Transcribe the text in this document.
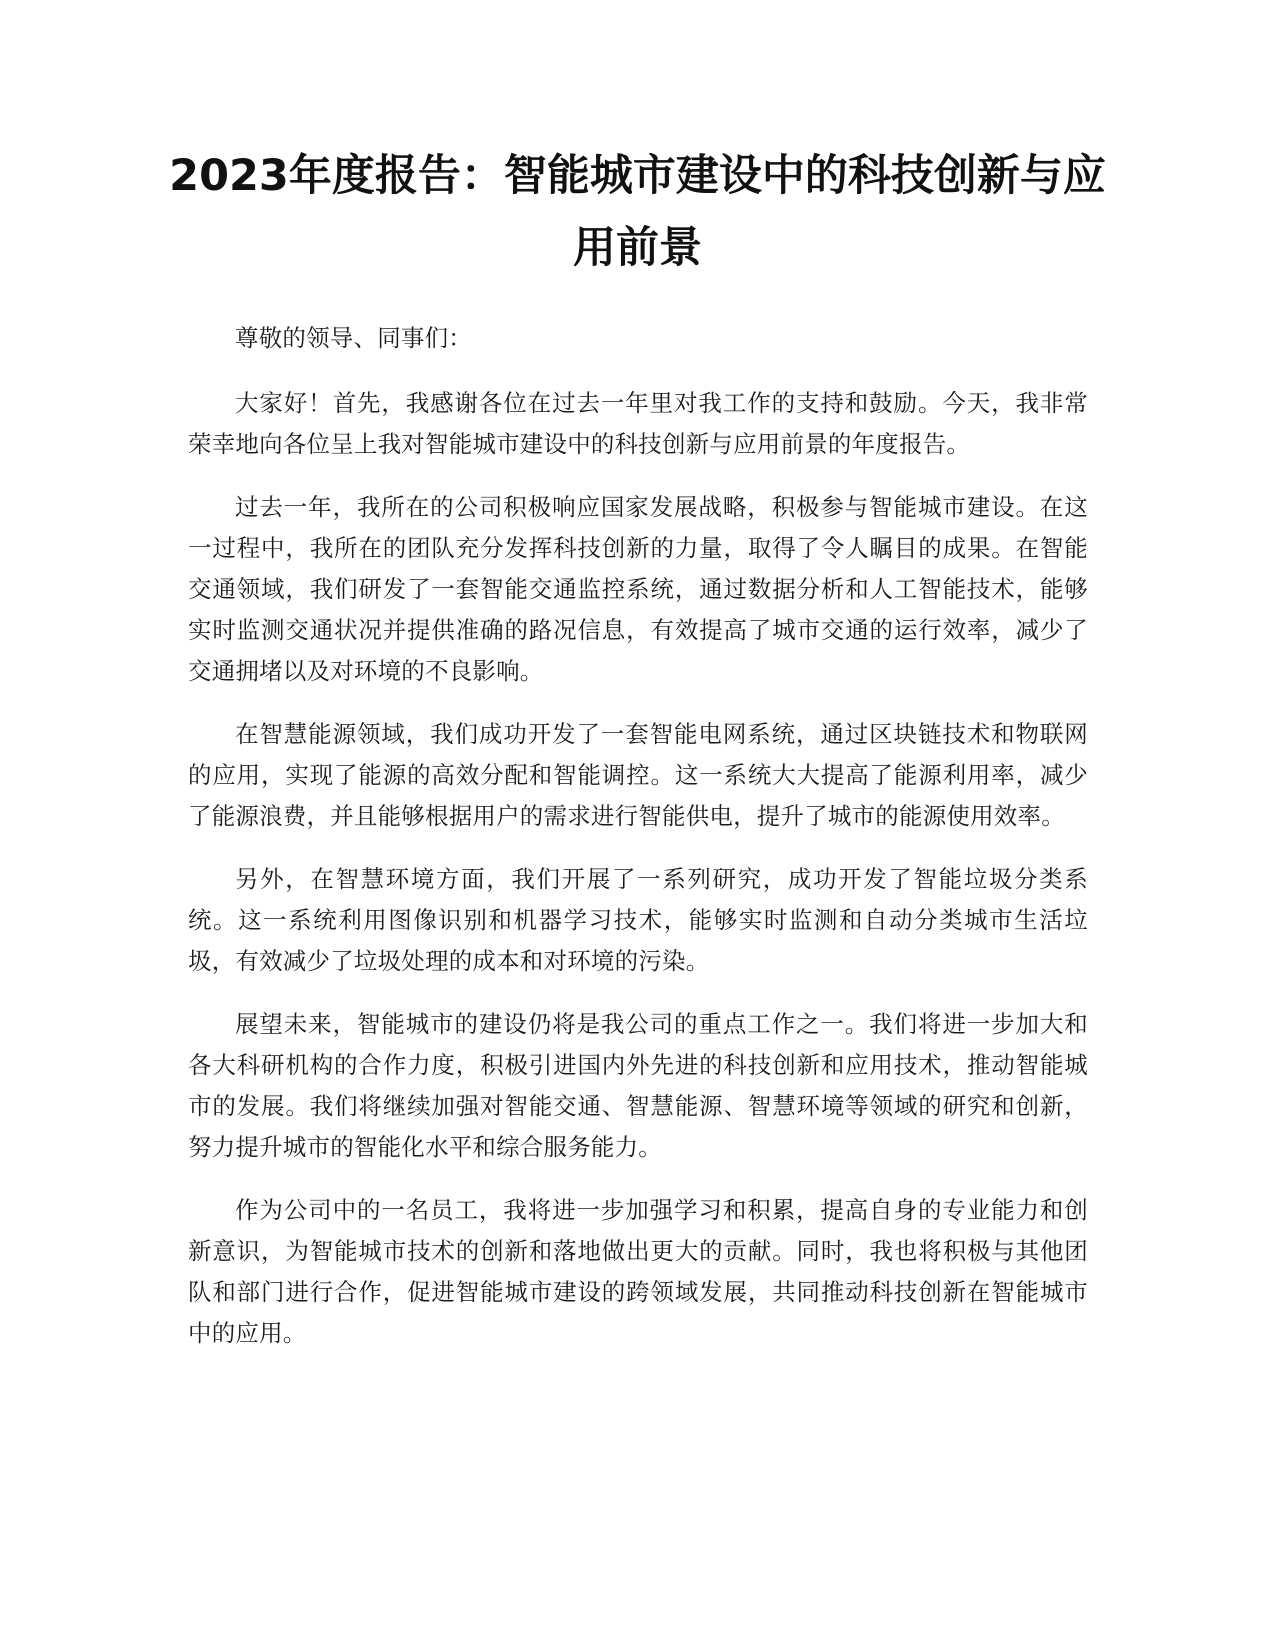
2023年度报告：智能城市建设中的科技创新与应用前景

尊敬的领导、同事们：

大家好！首先，我感谢各位在过去一年里对我工作的支持和鼓励。今天，我非常荣幸地向各位呈上我对智能城市建设中的科技创新与应用前景的年度报告。

过去一年，我所在的公司积极响应国家发展战略，积极参与智能城市建设。在这一过程中，我所在的团队充分发挥科技创新的力量，取得了令人瞩目的成果。在智能交通领域，我们研发了一套智能交通监控系统，通过数据分析和人工智能技术，能够实时监测交通状况并提供准确的路况信息，有效提高了城市交通的运行效率，减少了交通拥堵以及对环境的不良影响。

在智慧能源领域，我们成功开发了一套智能电网系统，通过区块链技术和物联网的应用，实现了能源的高效分配和智能调控。这一系统大大提高了能源利用率，减少了能源浪费，并且能够根据用户的需求进行智能供电，提升了城市的能源使用效率。

另外，在智慧环境方面，我们开展了一系列研究，成功开发了智能垃圾分类系统。这一系统利用图像识别和机器学习技术，能够实时监测和自动分类城市生活垃圾，有效减少了垃圾处理的成本和对环境的污染。

展望未来，智能城市的建设仍将是我公司的重点工作之一。我们将进一步加大和各大科研机构的合作力度，积极引进国内外先进的科技创新和应用技术，推动智能城市的发展。我们将继续加强对智能交通、智慧能源、智慧环境等领域的研究和创新，努力提升城市的智能化水平和综合服务能力。

作为公司中的一名员工，我将进一步加强学习和积累，提高自身的专业能力和创新意识，为智能城市技术的创新和落地做出更大的贡献。同时，我也将积极与其他团队和部门进行合作，促进智能城市建设的跨领域发展，共同推动科技创新在智能城市中的应用。
